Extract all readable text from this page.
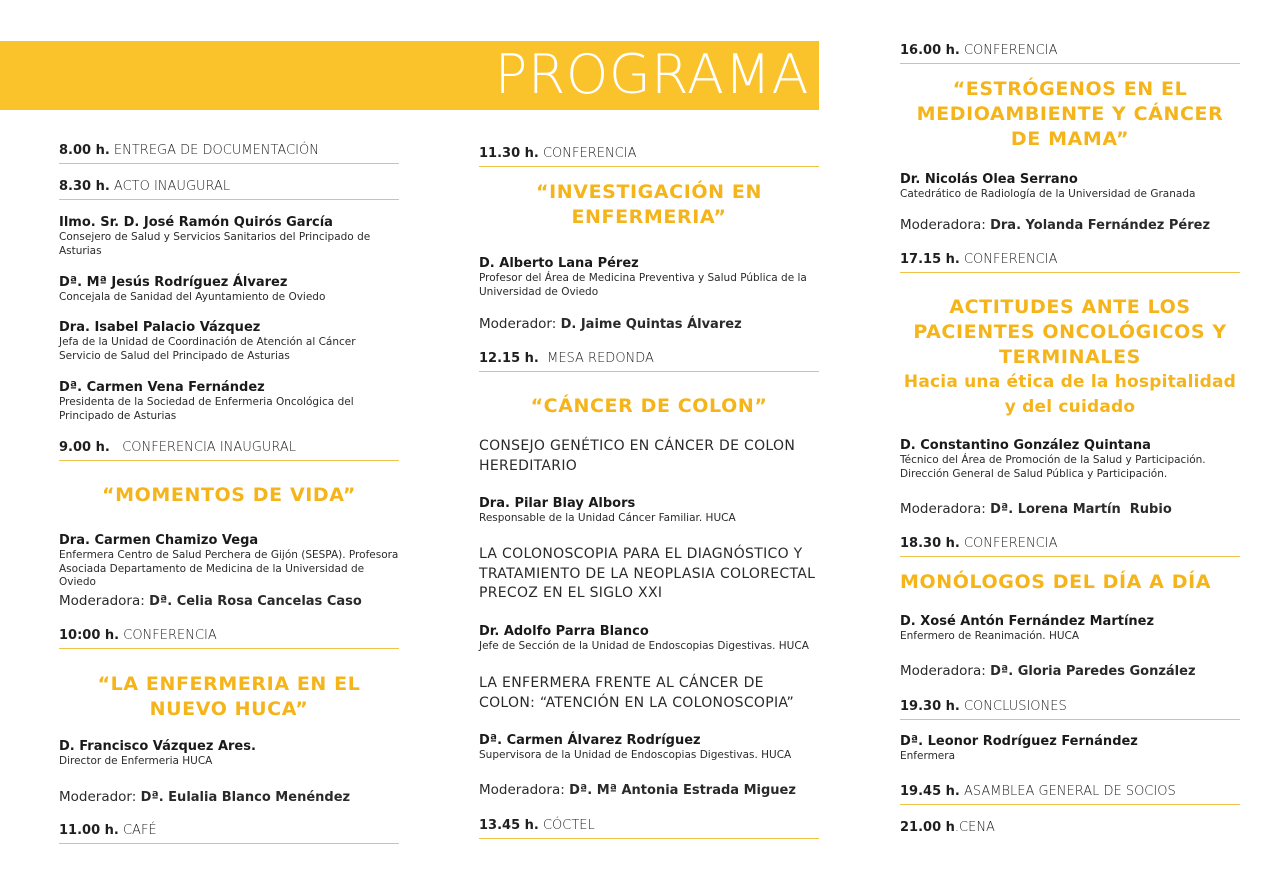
PROGRAMA
8.00 h. ENTREGA DE DOCUMENTACIÓN
8.30 h. ACTO INAUGURAL
Ilmo. Sr. D. José Ramón Quirós García
Consejero de Salud y Servicios Sanitarios del Principado de Asturias
Dª. Mª Jesús Rodríguez Álvarez
Concejala de Sanidad del Ayuntamiento de Oviedo
Dra. Isabel Palacio Vázquez
Jefa de la Unidad de Coordinación de Atención al Cáncer
Servicio de Salud del Principado de Asturias
Dª. Carmen Vena Fernández
Presidenta de la Sociedad de Enfermeria Oncológica del Principado de Asturias
9.00 h.   CONFERENCIA INAUGURAL
“MOMENTOS DE VIDA”
Dra. Carmen Chamizo Vega
Enfermera Centro de Salud Perchera de Gijón (SESPA). Profesora Asociada Departamento de Medicina de la Universidad de Oviedo
Moderadora: Dª. Celia Rosa Cancelas Caso
10:00 h. CONFERENCIA
“LA ENFERMERIA EN EL NUEVO HUCA”
D. Francisco Vázquez Ares.
Director de Enfermeria HUCA
Moderador: Dª. Eulalia Blanco Menéndez
11.00 h. CAFÉ
11.30 h. CONFERENCIA
“INVESTIGACIÓN EN ENFERMERIA”
D. Alberto Lana Pérez
Profesor del Área de Medicina Preventiva y Salud Pública de la Universidad de Oviedo
Moderador: D. Jaime Quintas Álvarez
12.15 h.  MESA REDONDA
“CÁNCER DE COLON”
CONSEJO GENÉTICO EN CÁNCER DE COLON HEREDITARIO
Dra. Pilar Blay Albors
Responsable de la Unidad Cáncer Familiar. HUCA
LA COLONOSCOPIA PARA EL DIAGNÓSTICO Y TRATAMIENTO DE LA NEOPLASIA COLORECTAL PRECOZ EN EL SIGLO XXI
Dr. Adolfo Parra Blanco
Jefe de Sección de la Unidad de Endoscopias Digestivas. HUCA
LA ENFERMERA FRENTE AL CÁNCER DE COLON: “ATENCIÓN EN LA COLONOSCOPIA”
Dª. Carmen Álvarez Rodríguez
Supervisora de la Unidad de Endoscopias Digestivas. HUCA
Moderadora: Dª. Mª Antonia Estrada Miguez
13.45 h. CÓCTEL
16.00 h. CONFERENCIA
“ESTRÓGENOS EN EL MEDIOAMBIENTE Y CÁNCER DE MAMA”
Dr. Nicolás Olea Serrano
Catedrático de Radiología de la Universidad de Granada
Moderadora: Dra. Yolanda Fernández Pérez
17.15 h. CONFERENCIA
ACTITUDES ANTE LOS PACIENTES ONCOLÓGICOS Y TERMINALES
Hacia una ética de la hospitalidad y del cuidado
D. Constantino González Quintana
Técnico del Área de Promoción de la Salud y Participación.
Dirección General de Salud Pública y Participación.
Moderadora: Dª. Lorena Martín  Rubio
18.30 h. CONFERENCIA
MONÓLOGOS DEL DÍA A DÍA
D. Xosé Antón Fernández Martínez
Enfermero de Reanimación. HUCA
Moderadora: Dª. Gloria Paredes González
19.30 h. CONCLUSIONES
Dª. Leonor Rodríguez Fernández
Enfermera
19.45 h. ASAMBLEA GENERAL DE SOCIOS
21.00 h.CENA
